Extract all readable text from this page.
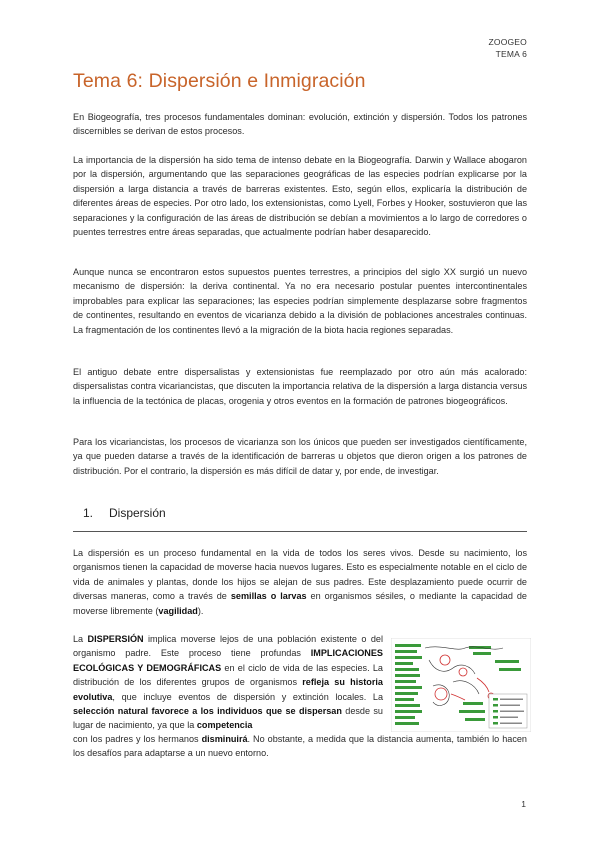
ZOOGEO
TEMA 6
Tema 6: Dispersión e Inmigración

En Biogeografía, tres procesos fundamentales dominan: evolución, extinción y dispersión. Todos los patrones discernibles se derivan de estos procesos.

La importancia de la dispersión ha sido tema de intenso debate en la Biogeografía. Darwin y Wallace abogaron por la dispersión, argumentando que las separaciones geográficas de las especies podrían explicarse por la dispersión a larga distancia a través de barreras existentes. Esto, según ellos, explicaría la distribución de diferentes áreas de especies. Por otro lado, los extensionistas, como Lyell, Forbes y Hooker, sostuvieron que las separaciones y la configuración de las áreas de distribución se debían a movimientos a lo largo de corredores o puentes terrestres entre áreas separadas, que actualmente podrían haber desaparecido.

Aunque nunca se encontraron estos supuestos puentes terrestres, a principios del siglo XX surgió un nuevo mecanismo de dispersión: la deriva continental. Ya no era necesario postular puentes intercontinentales improbables para explicar las separaciones; las especies podrían simplemente desplazarse sobre fragmentos de continentes, resultando en eventos de vicarianza debido a la división de poblaciones ancestrales continuas. La fragmentación de los continentes llevó a la migración de la biota hacia regiones separadas.

El antiguo debate entre dispersalistas y extensionistas fue reemplazado por otro aún más acalorado: dispersalistas contra vicariancistas, que discuten la importancia relativa de la dispersión a larga distancia versus la influencia de la tectónica de placas, orogenia y otros eventos en la formación de patrones biogeográficos.

Para los vicariancistas, los procesos de vicarianza son los únicos que pueden ser investigados científicamente, ya que pueden datarse a través de la identificación de barreras u objetos que dieron origen a los patrones de distribución. Por el contrario, la dispersión es más difícil de datar y, por ende, de investigar.

1. Dispersión

La dispersión es un proceso fundamental en la vida de todos los seres vivos. Desde su nacimiento, los organismos tienen la capacidad de moverse hacia nuevos lugares. Esto es especialmente notable en el ciclo de vida de animales y plantas, donde los hijos se alejan de sus padres. Este desplazamiento puede ocurrir de diversas maneras, como a través de semillas o larvas en organismos sésiles, o mediante la capacidad de moverse libremente (vagilidad).

La DISPERSIÓN implica moverse lejos de una población existente o del organismo padre. Este proceso tiene profundas IMPLICACIONES ECOLÓGICAS Y DEMOGRÁFICAS en el ciclo de vida de las especies. La distribución de los diferentes grupos de organismos refleja su historia evolutiva, que incluye eventos de dispersión y extinción locales. La selección natural favorece a los individuos que se dispersan desde su lugar de nacimiento, ya que la competencia

con los padres y los hermanos disminuirá. No obstante, a medida que la distancia aumenta, también lo hacen los desafíos para adaptarse a un nuevo entorno.

1
